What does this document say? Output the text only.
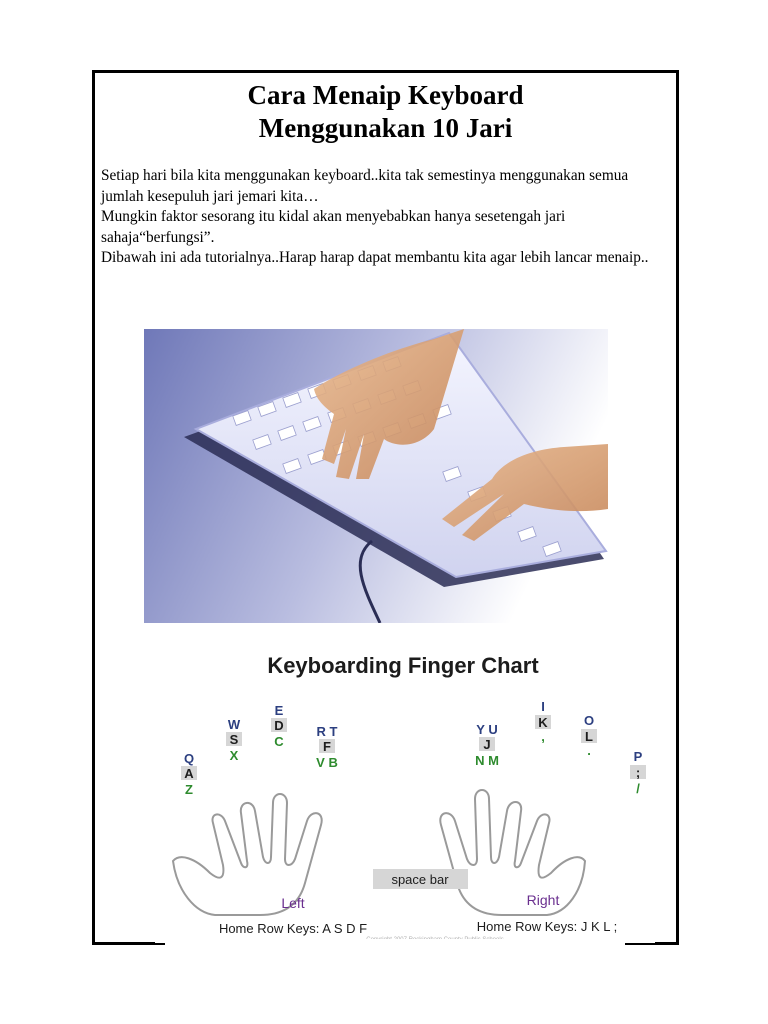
Cara Menaip Keyboard
Menggunakan 10 Jari

Setiap hari bila kita menggunakan keyboard..kita tak semestinya menggunakan semua jumlah kesepuluh jari jemari kita…

Mungkin faktor sesorang itu kidal akan menyebabkan hanya sesetengah jari sahaja“berfungsi”.

Dibawah ini ada tutorialnya..Harap harap dapat membantu kita agar lebih lancar menaip..

Keyboarding Finger Chart
Q
A
Z
W
S
X
E
D
C
R T
F
V B
Y U
J
N M
I
K
,
O
L
.	P
;
/
space bar
Left	Right
Home Row Keys: A S D F	Home Row Keys: J K L ;
